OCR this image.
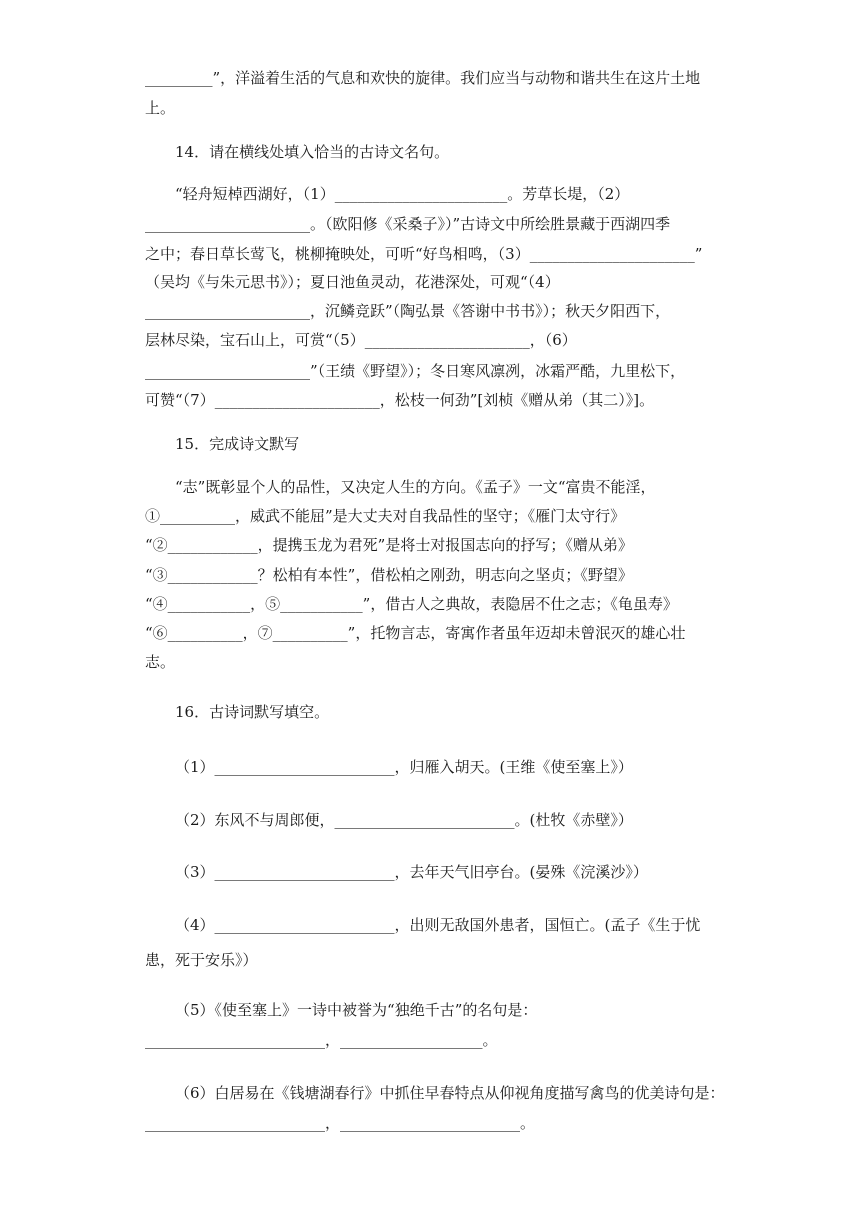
_________”，洋溢着生活的气息和欢快的旋律。我们应当与动物和谐共生在这片土地
上。
14．请在横线处填入恰当的古诗文名句。
“轻舟短棹西湖好，（1）_______________________。芳草长堤，（2）
______________________。（欧阳修《采桑子》）”古诗文中所绘胜景藏于西湖四季
之中；春日草长莺飞，桃柳掩映处，可听“好鸟相鸣，（3）______________________”
（吴均《与朱元思书》）；夏日池鱼灵动，花港深处，可观“（4）
______________________，沉鳞竞跃”（陶弘景《答谢中书书》）；秋天夕阳西下，
层林尽染，宝石山上，可赏“（5）______________________，（6）
______________________”（王绩《野望》）；冬日寒风凛冽，冰霜严酷，九里松下，
可赞“（7）______________________，松枝一何劲”[刘桢《赠从弟（其二）》]。
15．完成诗文默写
“志”既彰显个人的品性，又决定人生的方向。《孟子》一文“富贵不能淫，
①__________，威武不能屈”是大丈夫对自我品性的坚守；《雁门太守行》
“②____________，提携玉龙为君死”是将士对报国志向的抒写；《赠从弟》
“③____________？松柏有本性”，借松柏之刚劲，明志向之坚贞；《野望》
“④___________，⑤___________”，借古人之典故，表隐居不仕之志；《龟虽寿》
“⑥__________，⑦__________”，托物言志，寄寓作者虽年迈却未曾泯灭的雄心壮
志。
16．古诗词默写填空。
（1）________________________，归雁入胡天。(王维《使至塞上》）
（2）东风不与周郎便，________________________。(杜牧《赤壁》）
（3）________________________，去年天气旧亭台。(晏殊《浣溪沙》）
（4）________________________，出则无敌国外患者，国恒亡。(孟子《生于忧
患，死于安乐》）
（5）《使至塞上》一诗中被誉为“独绝千古”的名句是：
________________________，___________________。
（6）白居易在《钱塘湖春行》中抓住早春特点从仰视角度描写禽鸟的优美诗句是：
________________________，________________________。
